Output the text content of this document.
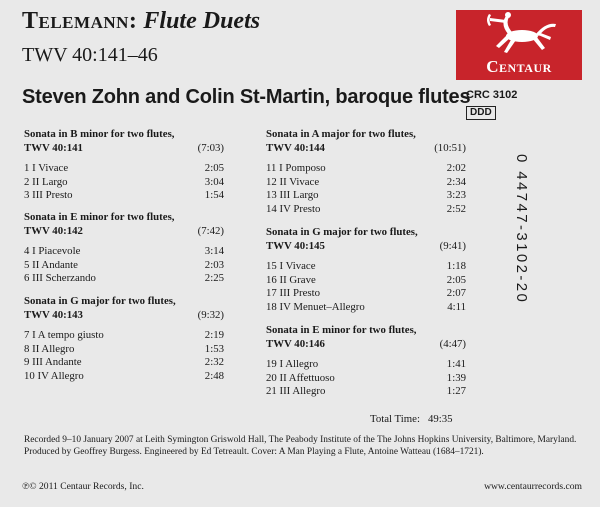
Telemann: Flute Duets
TWV 40:141–46
Steven Zohn and Colin St-Martin, baroque flutes
Centaur
CRC 3102
DDD
0 44747-3102-20
Sonata in B minor for two flutes,
TWV 40:141	(7:03)
1 I Vivace	2:05
2 II Largo	3:04
3 III Presto	1:54
Sonata in E minor for two flutes,
TWV 40:142	(7:42)
4 I Piacevole	3:14
5 II Andante	2:03
6 III Scherzando	2:25
Sonata in G major for two flutes,
TWV 40:143	(9:32)
7 I A tempo giusto	2:19
8 II Allegro	1:53
9 III Andante	2:32
10 IV Allegro	2:48
Sonata in A major for two flutes,
TWV 40:144	(10:51)
11 I Pomposo	2:02
12 II Vivace	2:34
13 III Largo	3:23
14 IV Presto	2:52
Sonata in G major for two flutes,
TWV 40:145	(9:41)
15 I Vivace	1:18
16 II Grave	2:05
17 III Presto	2:07
18 IV Menuet–Allegro	4:11
Sonata in E minor for two flutes,
TWV 40:146	(4:47)
19 I Allegro	1:41
20 II Affettuoso	1:39
21 III Allegro	1:27
Total Time: 49:35
Recorded 9–10 January 2007 at Leith Symington Griswold Hall, The Peabody Institute of the The Johns Hopkins University, Baltimore, Maryland. Produced by Geoffrey Burgess. Engineered by Ed Tetreault. Cover: A Man Playing a Flute, Antoine Watteau (1684–1721).
℗© 2011 Centaur Records, Inc.	www.centaurrecords.com
